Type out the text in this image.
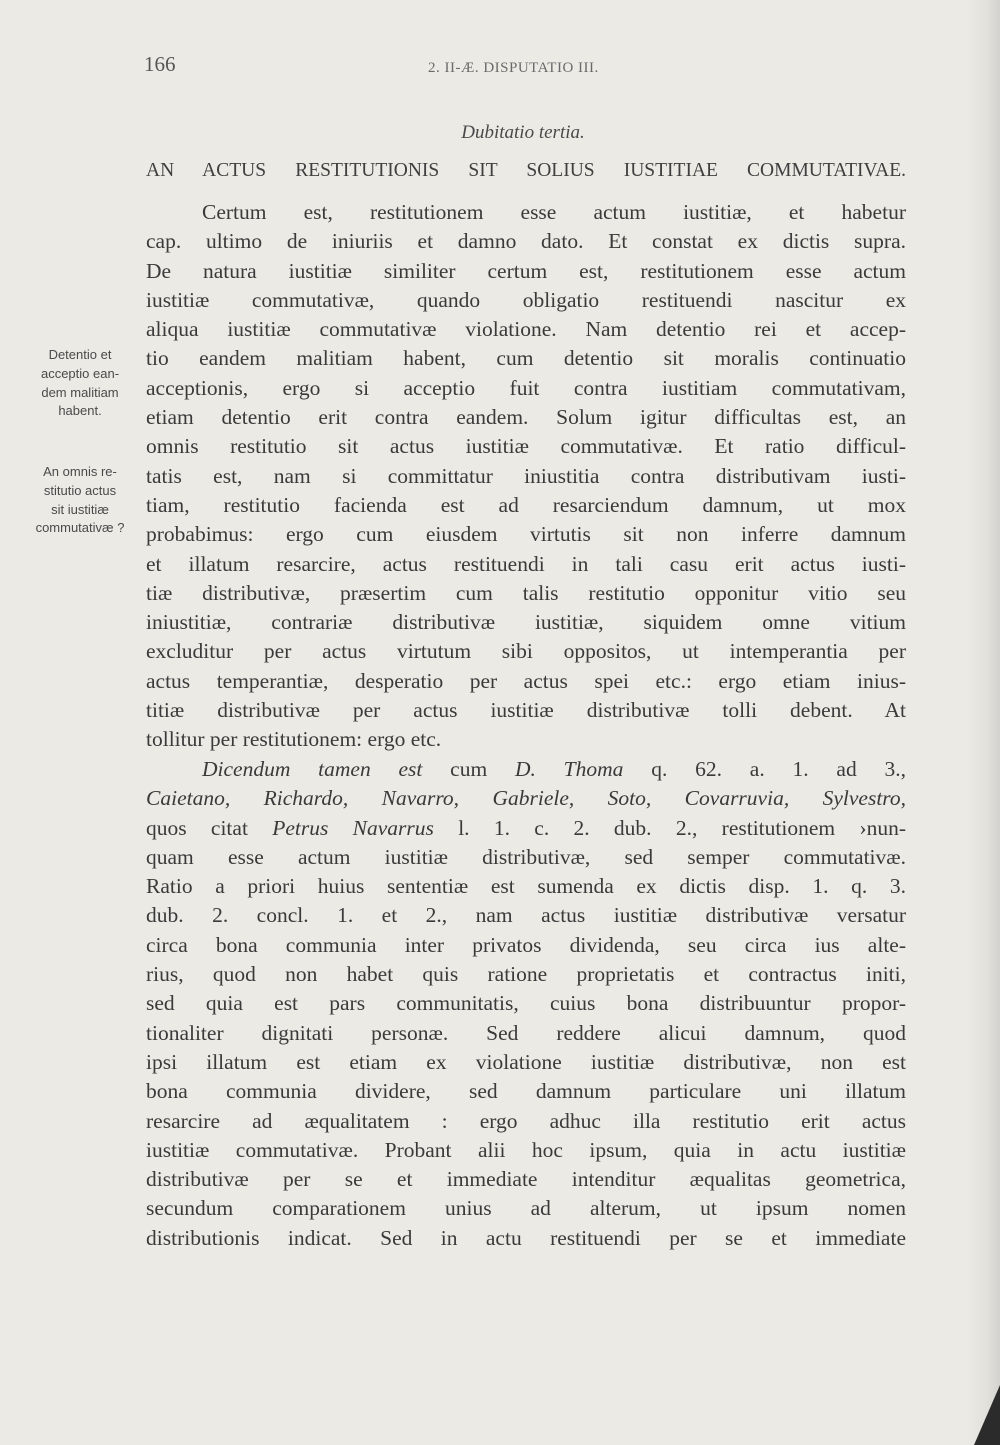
166	2. II-Æ. DISPUTATIO III.
Dubitatio tertia.
AN ACTUS RESTITUTIONIS SIT SOLIUS IUSTITIAE COMMUTATIVAE.
Detentio et
acceptio ean-
dem malitiam
habent.
An omnis re-
stitutio actus
sit iustitiæ
commutativæ ?
Certum est, restitutionem esse actum iustitiæ, et habetur
cap. ultimo de iniuriis et damno dato. Et constat ex dictis supra.
De natura iustitiæ similiter certum est, restitutionem esse actum
iustitiæ commutativæ, quando obligatio restituendi nascitur ex
aliqua iustitiæ commutativæ violatione. Nam detentio rei et accep-
tio eandem malitiam habent, cum detentio sit moralis continuatio
acceptionis, ergo si acceptio fuit contra iustitiam commutativam,
etiam detentio erit contra eandem. Solum igitur difficultas est, an
omnis restitutio sit actus iustitiæ commutativæ. Et ratio difficul-
tatis est, nam si committatur iniustitia contra distributivam iusti-
tiam, restitutio facienda est ad resarciendum damnum, ut mox
probabimus: ergo cum eiusdem virtutis sit non inferre damnum
et illatum resarcire, actus restituendi in tali casu erit actus iusti-
tiæ distributivæ, præsertim cum talis restitutio opponitur vitio seu
iniustitiæ, contrariæ distributivæ iustitiæ, siquidem omne vitium
excluditur per actus virtutum sibi oppositos, ut intemperantia per
actus temperantiæ, desperatio per actus spei etc.: ergo etiam inius-
titiæ distributivæ per actus iustitiæ distributivæ tolli debent. At
tollitur per restitutionem: ergo etc.
Dicendum tamen est cum D. Thoma q. 62. a. 1. ad 3.,
Caietano, Richardo, Navarro, Gabriele, Soto, Covarruvia, Sylvestro,
quos citat Petrus Navarrus l. 1. c. 2. dub. 2., restitutionem ›nun-
quam esse actum iustitiæ distributivæ, sed semper commutativæ.
Ratio a priori huius sententiæ est sumenda ex dictis disp. 1. q. 3.
dub. 2. concl. 1. et 2., nam actus iustitiæ distributivæ versatur
circa bona communia inter privatos dividenda, seu circa ius alte-
rius, quod non habet quis ratione proprietatis et contractus initi,
sed quia est pars communitatis, cuius bona distribuuntur propor-
tionaliter dignitati personæ. Sed reddere alicui damnum, quod
ipsi illatum est etiam ex violatione iustitiæ distributivæ, non est
bona communia dividere, sed damnum particulare uni illatum
resarcire ad æqualitatem : ergo adhuc illa restitutio erit actus
iustitiæ commutativæ. Probant alii hoc ipsum, quia in actu iustitiæ
distributivæ per se et immediate intenditur æqualitas geometrica,
secundum comparationem unius ad alterum, ut ipsum nomen
distributionis indicat. Sed in actu restituendi per se et immediate
